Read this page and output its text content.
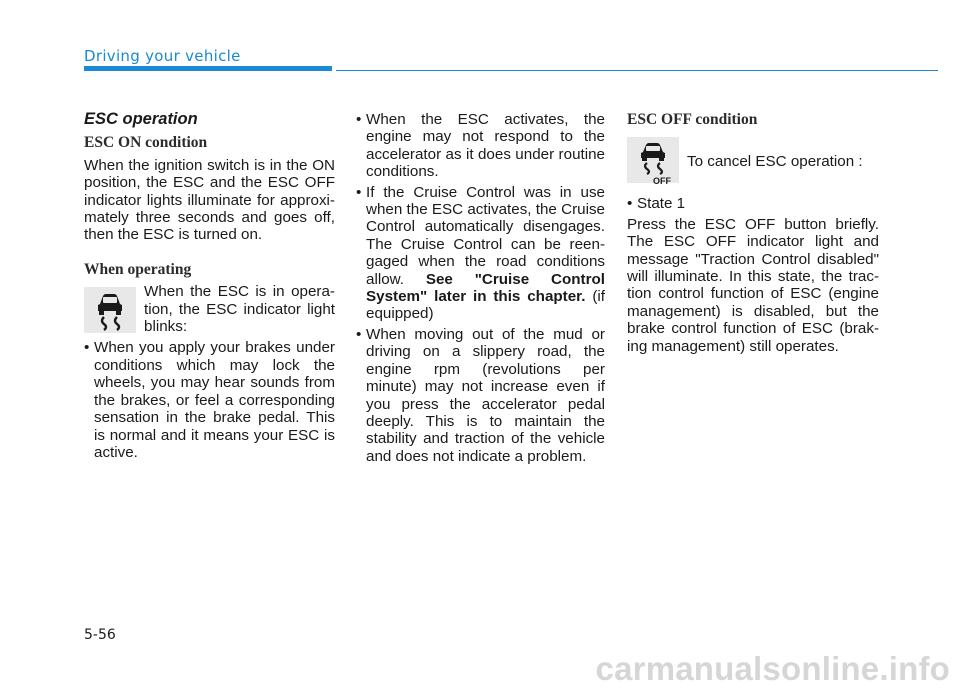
Driving your vehicle
ESC operation
ESC ON condition

When the ignition switch is in the ON position, the ESC and the ESC OFF indicator lights illuminate for approxi-mately three seconds and goes off, then the ESC is turned on.

When operating
When the ESC is in opera-tion, the ESC indicator light blinks:
• When you apply your brakes under conditions which may lock the wheels, you may hear sounds from the brakes, or feel a corresponding sensation in the brake pedal. This is normal and it means your ESC is active.
• When the ESC activates, the engine may not respond to the accelerator as it does under routine conditions.
• If the Cruise Control was in use when the ESC activates, the Cruise Control automatically disengages. The Cruise Control can be reen-gaged when the road conditions allow. See "Cruise Control System" later in this chapter. (if equipped)
• When moving out of the mud or driving on a slippery road, the engine rpm (revolutions per minute) may not increase even if you press the accelerator pedal deeply. This is to maintain the stability and traction of the vehicle and does not indicate a problem.
ESC OFF condition
OFF
To cancel ESC operation :
• State 1

Press the ESC OFF button briefly. The ESC OFF indicator light and message "Traction Control disabled" will illuminate. In this state, the trac-tion control function of ESC (engine management) is disabled, but the brake control function of ESC (brak-ing management) still operates.

5-56
carmanualsonline.info
